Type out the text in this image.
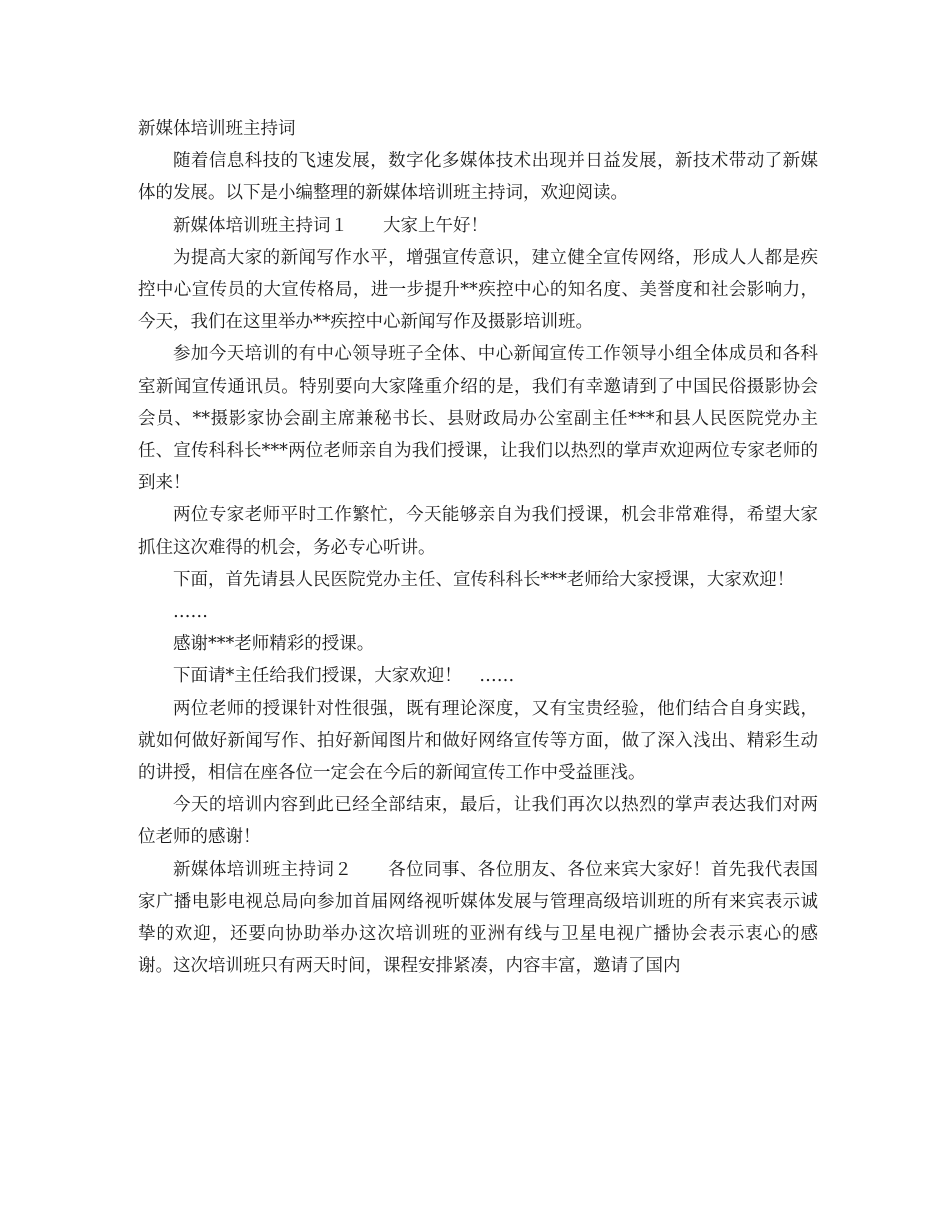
新媒体培训班主持词

随着信息科技的飞速发展，数字化多媒体技术出现并日益发展，新技术带动了新媒体的发展。以下是小编整理的新媒体培训班主持词，欢迎阅读。

新媒体培训班主持词１　　大家上午好！

为提高大家的新闻写作水平，增强宣传意识，建立健全宣传网络，形成人人都是疾控中心宣传员的大宣传格局，进一步提升**疾控中心的知名度、美誉度和社会影响力，今天，我们在这里举办**疾控中心新闻写作及摄影培训班。

参加今天培训的有中心领导班子全体、中心新闻宣传工作领导小组全体成员和各科室新闻宣传通讯员。特别要向大家隆重介绍的是，我们有幸邀请到了中国民俗摄影协会会员、**摄影家协会副主席兼秘书长、县财政局办公室副主任***和县人民医院党办主任、宣传科科长***两位老师亲自为我们授课，让我们以热烈的掌声欢迎两位专家老师的到来！

两位专家老师平时工作繁忙，今天能够亲自为我们授课，机会非常难得，希望大家抓住这次难得的机会，务必专心听讲。

下面，首先请县人民医院党办主任、宣传科科长***老师给大家授课，大家欢迎！

……

感谢***老师精彩的授课。

下面请*主任给我们授课，大家欢迎！　……

两位老师的授课针对性很强，既有理论深度，又有宝贵经验，他们结合自身实践，就如何做好新闻写作、拍好新闻图片和做好网络宣传等方面，做了深入浅出、精彩生动的讲授，相信在座各位一定会在今后的新闻宣传工作中受益匪浅。

今天的培训内容到此已经全部结束，最后，让我们再次以热烈的掌声表达我们对两位老师的感谢！

新媒体培训班主持词２　　各位同事、各位朋友、各位来宾大家好！首先我代表国家广播电影电视总局向参加首届网络视听媒体发展与管理高级培训班的所有来宾表示诚挚的欢迎，还要向协助举办这次培训班的亚洲有线与卫星电视广播协会表示衷心的感谢。这次培训班只有两天时间，课程安排紧凑，内容丰富，邀请了国内
